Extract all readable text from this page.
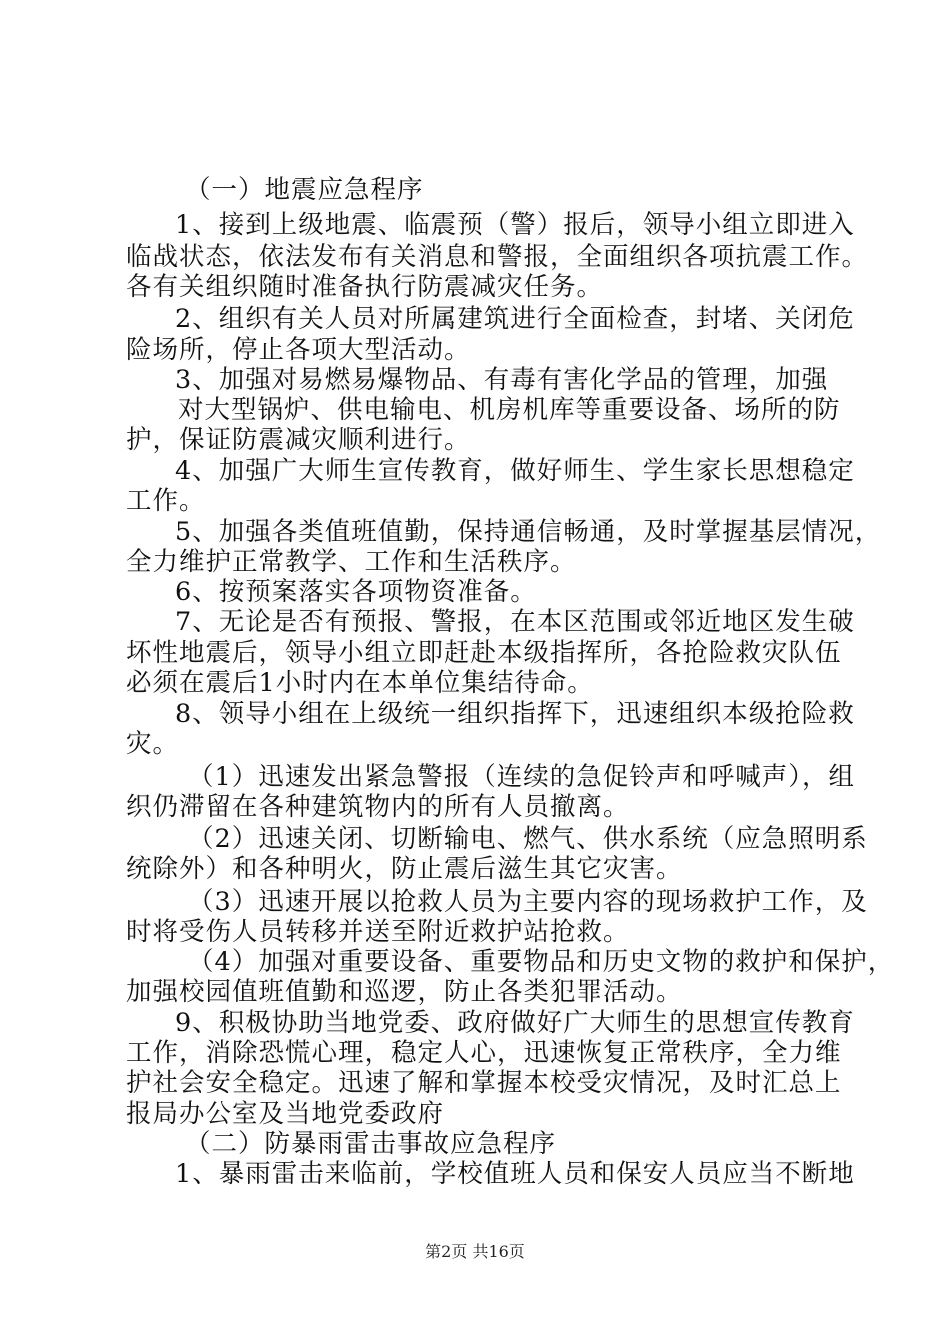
（一）地震应急程序

1、接到上级地震、临震预（警）报后，领导小组立即进入

临战状态，依法发布有关消息和警报，全面组织各项抗震工作。

各有关组织随时准备执行防震减灾任务。

2、组织有关人员对所属建筑进行全面检查，封堵、关闭危

险场所，停止各项大型活动。

3、加强对易燃易爆物品、有毒有害化学品的管理，加强

对大型锅炉、供电输电、机房机库等重要设备、场所的防

护，保证防震减灾顺利进行。

4、加强广大师生宣传教育，做好师生、学生家长思想稳定

工作。

5、加强各类值班值勤，保持通信畅通，及时掌握基层情况，

全力维护正常教学、工作和生活秩序。

6、按预案落实各项物资准备。

7、无论是否有预报、警报，在本区范围或邻近地区发生破

坏性地震后，领导小组立即赶赴本级指挥所，各抢险救灾队伍

必须在震后1小时内在本单位集结待命。

8、领导小组在上级统一组织指挥下，迅速组织本级抢险救

灾。

（1）迅速发出紧急警报（连续的急促铃声和呼喊声），组

织仍滞留在各种建筑物内的所有人员撤离。

（2）迅速关闭、切断输电、燃气、供水系统（应急照明系

统除外）和各种明火，防止震后滋生其它灾害。

（3）迅速开展以抢救人员为主要内容的现场救护工作，及

时将受伤人员转移并送至附近救护站抢救。

（4）加强对重要设备、重要物品和历史文物的救护和保护，

加强校园值班值勤和巡逻，防止各类犯罪活动。

9、积极协助当地党委、政府做好广大师生的思想宣传教育

工作，消除恐慌心理，稳定人心，迅速恢复正常秩序，全力维

护社会安全稳定。迅速了解和掌握本校受灾情况，及时汇总上

报局办公室及当地党委政府

（二）防暴雨雷击事故应急程序

1、暴雨雷击来临前，学校值班人员和保安人员应当不断地

第2页 共16页
